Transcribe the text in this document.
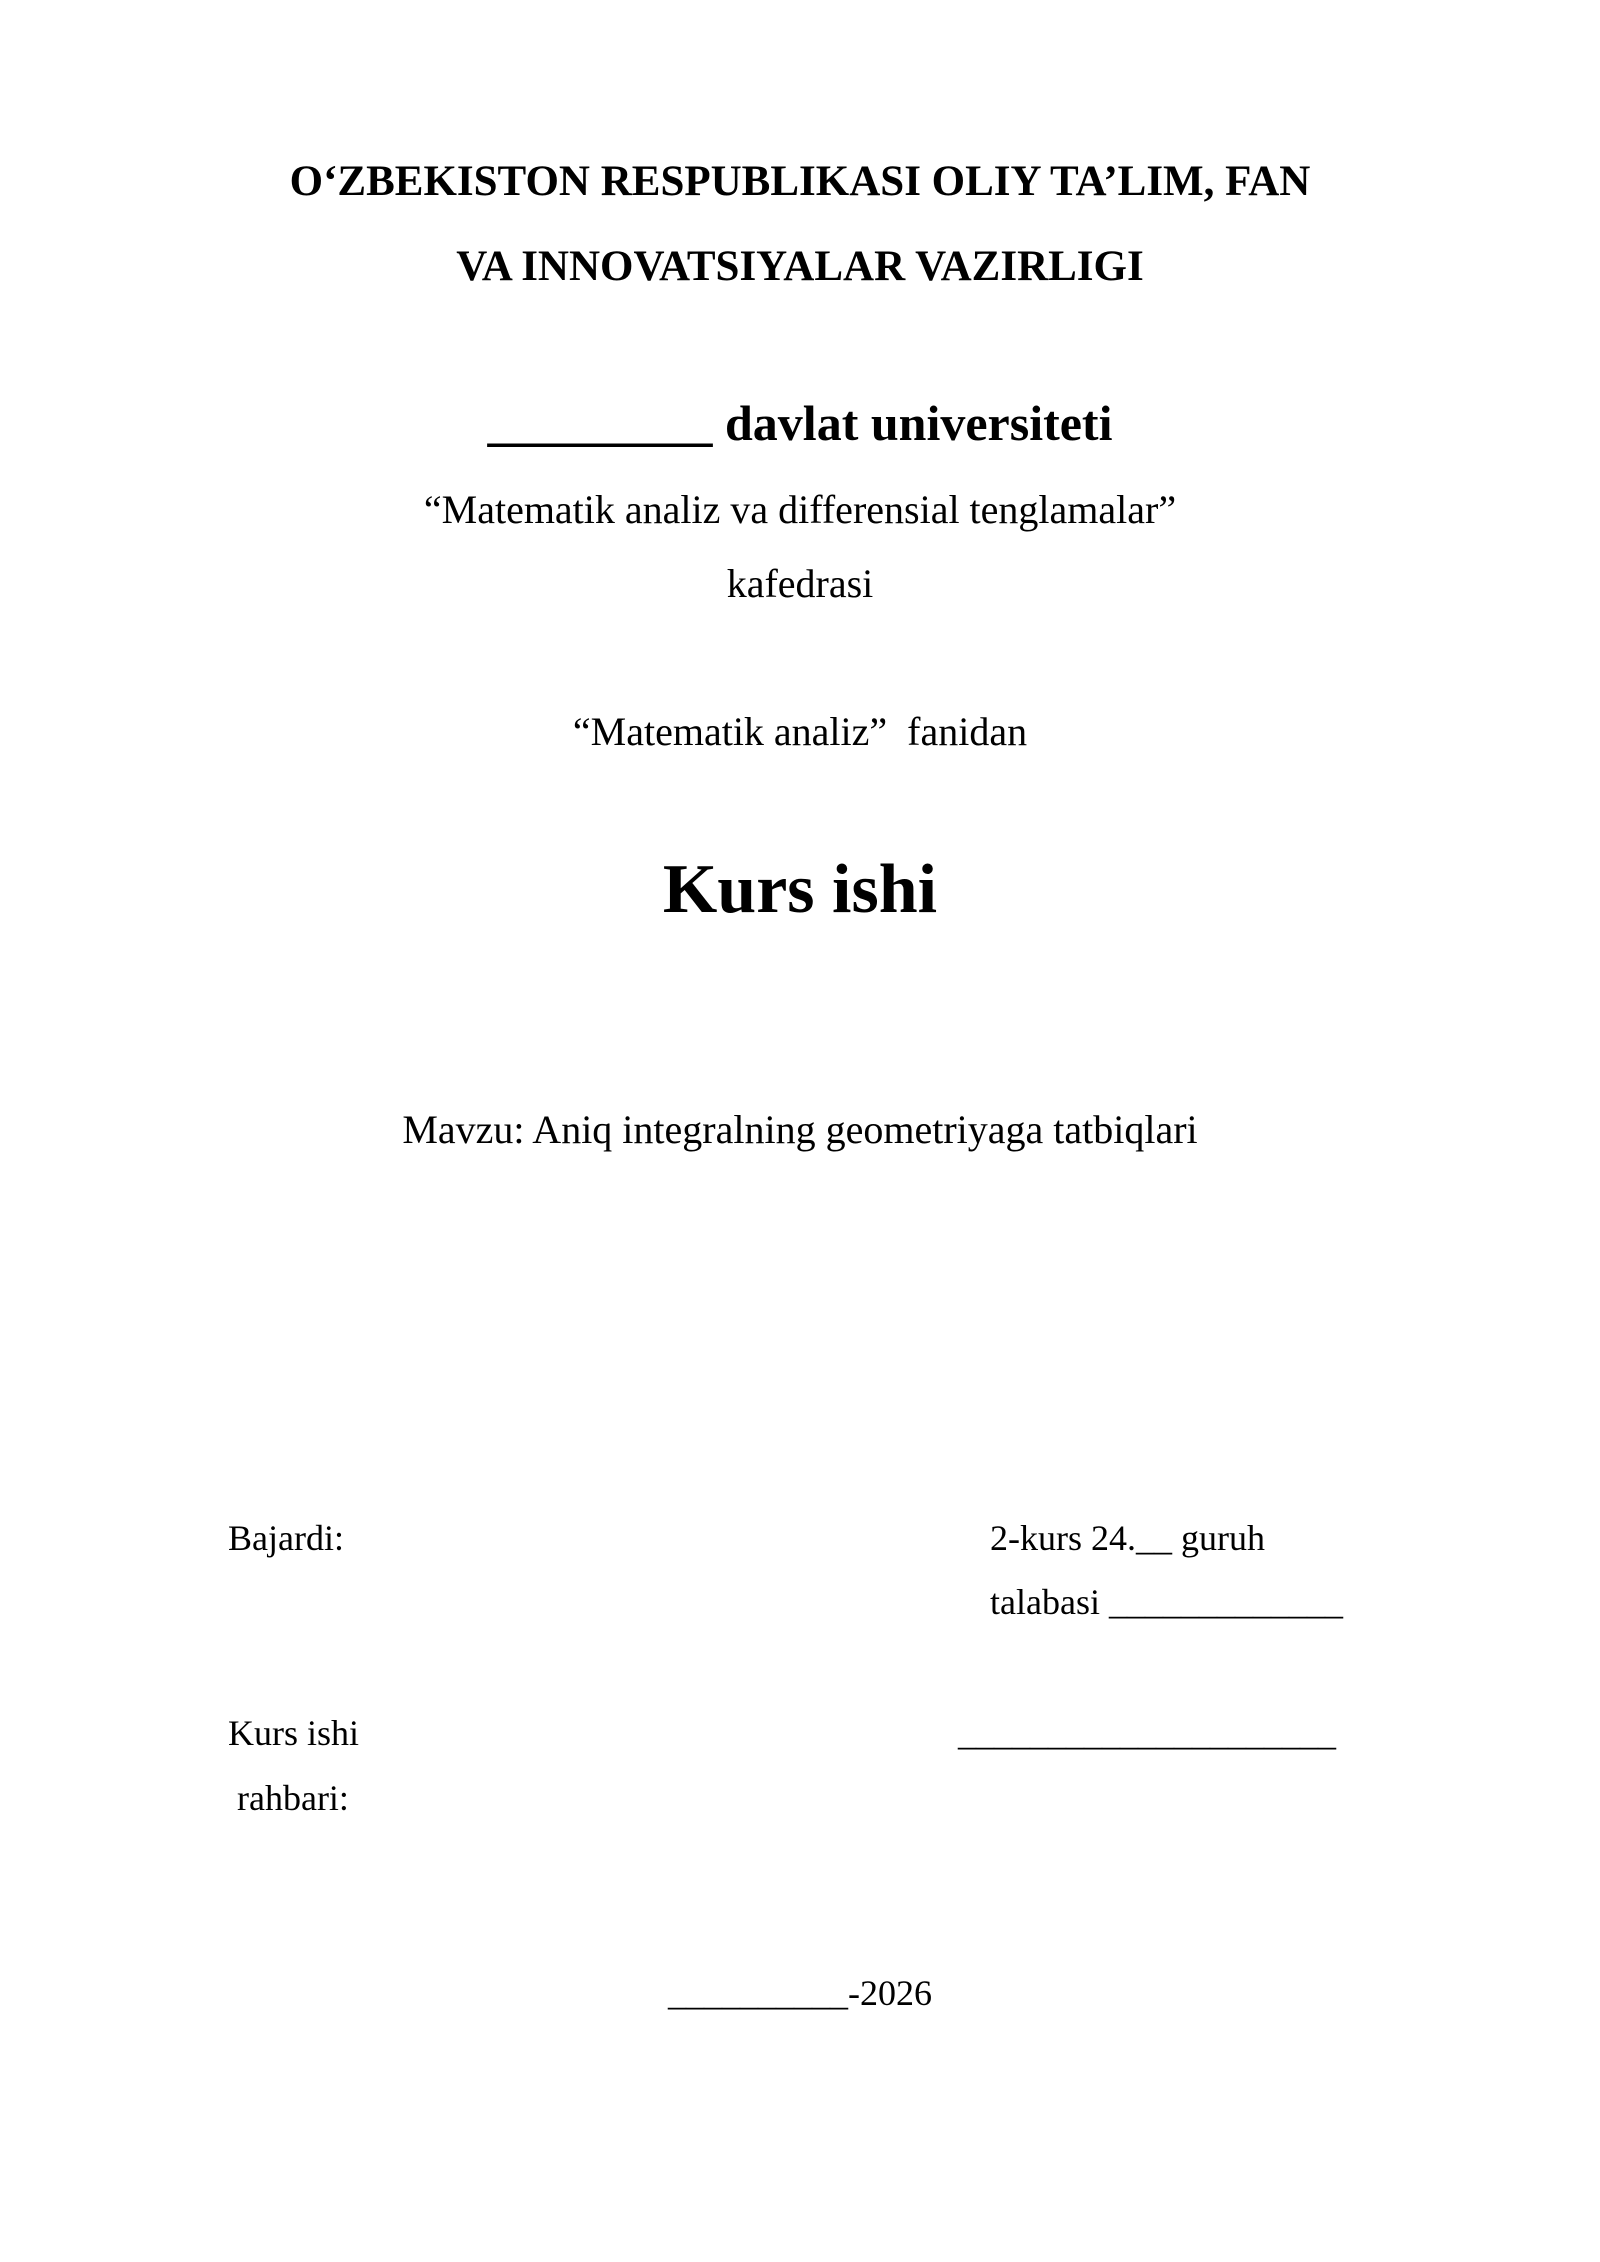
O‘ZBEKISTON RESPUBLIKASI OLIY TA’LIM, FAN
VA INNOVATSIYALAR VAZIRLIGI
_________ davlat universiteti
“Matematik analiz va differensial tenglamalar”
kafedrasi
“Matematik analiz”  fanidan
Kurs ishi
Mavzu: Aniq integralning geometriyaga tatbiqlari
Bajardi:	2-kurs 24.__ guruh
talabasi _____________
Kurs ishi
rahbari:
_____________________
__________-2026
